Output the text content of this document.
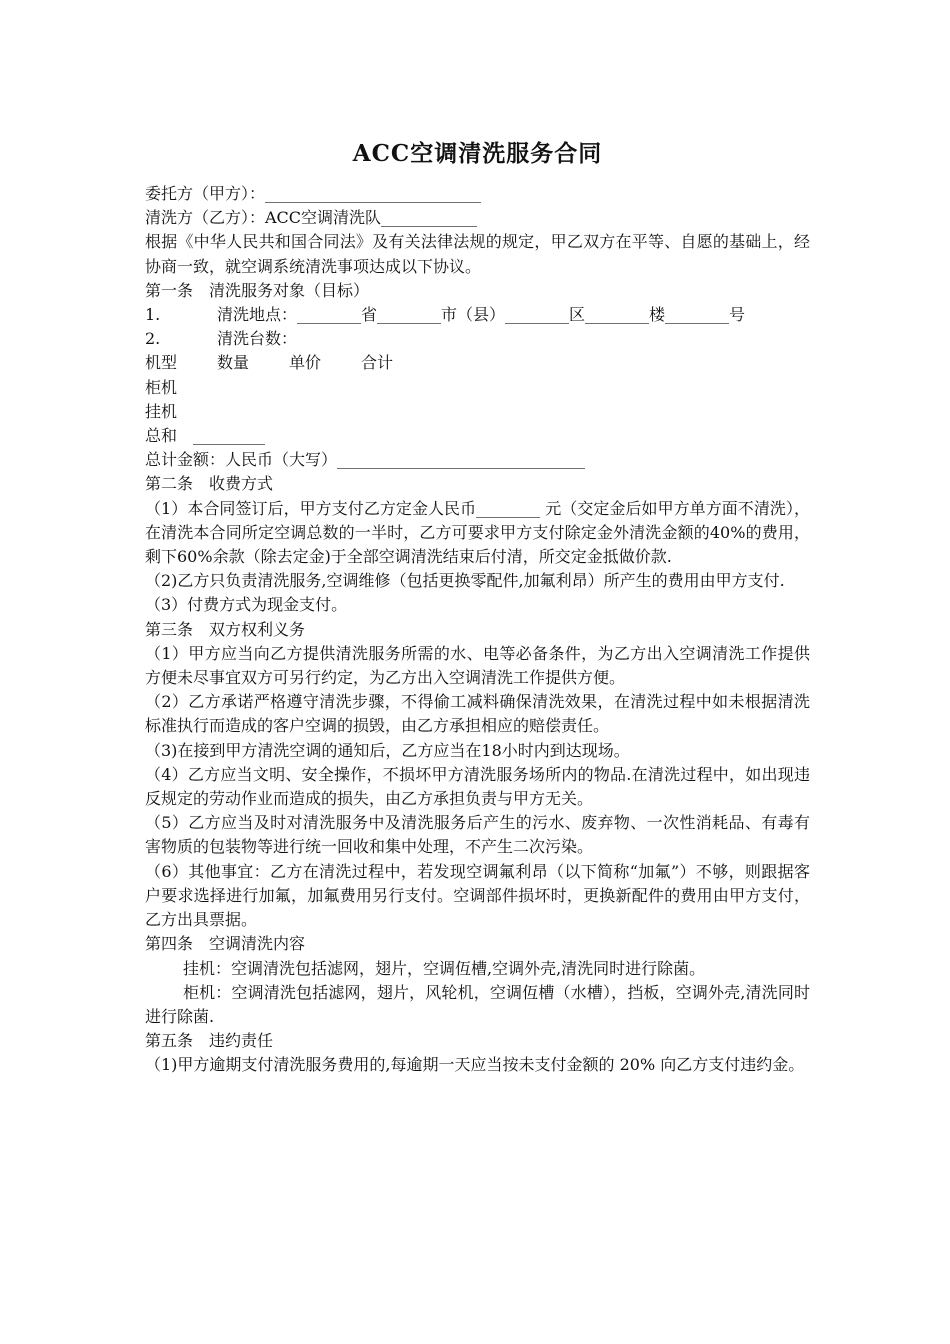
ACC空调清洗服务合同

委托方（甲方）：___________________________

清洗方（乙方）：ACC空调清洗队____________

根据《中华人民共和国合同法》及有关法律法规的规定，甲乙双方在平等、自愿的基础上，经协商一致，就空调系统清洗事项达成以下协议。

第一条　清洗服务对象（目标）

1.	清洗地点：________省________市（县）________区________楼________号

2.	清洗台数：

机型 数量 单价 合计

柜机

挂机

总和　_________

总计金额：人民币（大写）_______________________________

第二条　收费方式

（1）本合同签订后，甲方支付乙方定金人民币________ 元（交定金后如甲方单方面不清洗），在清洗本合同所定空调总数的一半时，乙方可要求甲方支付除定金外清洗金额的40%的费用，剩下60%余款（除去定金)于全部空调清洗结束后付清，所交定金抵做价款.

（2)乙方只负责清洗服务,空调维修（包括更换零配件,加氟利昂）所产生的费用由甲方支付.

（3）付费方式为现金支付。

第三条　双方权利义务

（1）甲方应当向乙方提供清洗服务所需的水、电等必备条件，为乙方出入空调清洗工作提供方便未尽事宜双方可另行约定，为乙方出入空调清洗工作提供方便。

（2）乙方承诺严格遵守清洗步骤，不得偷工减料确保清洗效果，在清洗过程中如未根据清洗标准执行而造成的客户空调的损毁，由乙方承担相应的赔偿责任。

（3)在接到甲方清洗空调的通知后，乙方应当在18小时内到达现场。

（4）乙方应当文明、安全操作，不损坏甲方清洗服务场所内的物品.在清洗过程中，如出现违反规定的劳动作业而造成的损失，由乙方承担负责与甲方无关。

（5）乙方应当及时对清洗服务中及清洗服务后产生的污水、废弃物、一次性消耗品、有毒有害物质的包装物等进行统一回收和集中处理，不产生二次污染。

（6）其他事宜：乙方在清洗过程中，若发现空调氟利昂（以下简称“加氟”）不够，则跟据客户要求选择进行加氟，加氟费用另行支付。空调部件损坏时，更换新配件的费用由甲方支付，乙方出具票据。

第四条　空调清洗内容

挂机：空调清洗包括滤网，翅片，空调仾槽,空调外壳,清洗同时进行除菌。

柜机：空调清洗包括滤网，翅片，风轮机，空调仾槽（水槽），挡板，空调外壳,清洗同时进行除菌.

第五条　违约责任

（1)甲方逾期支付清洗服务费用的,每逾期一天应当按未支付金额的 20% 向乙方支付违约金。
